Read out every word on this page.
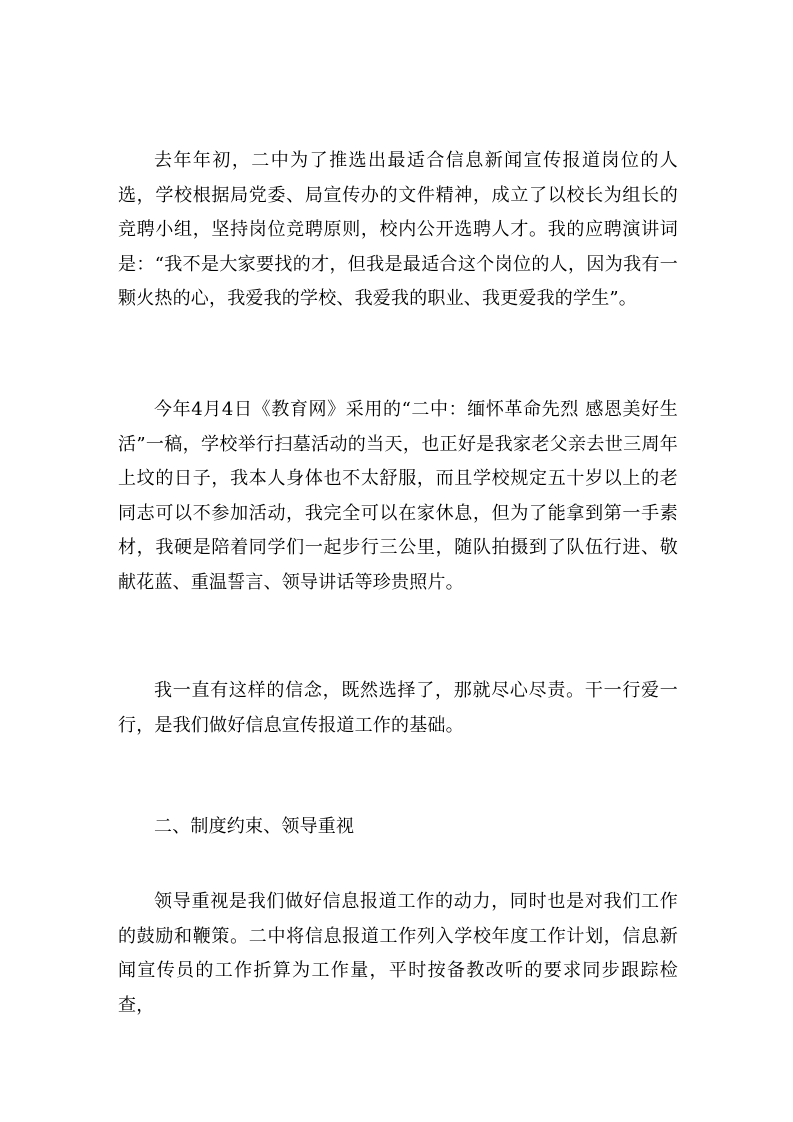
去年年初，二中为了推选出最适合信息新闻宣传报道岗位的人选，学校根据局党委、局宣传办的文件精神，成立了以校长为组长的竞聘小组，坚持岗位竞聘原则，校内公开选聘人才。我的应聘演讲词是：“我不是大家要找的才，但我是最适合这个岗位的人，因为我有一颗火热的心，我爱我的学校、我爱我的职业、我更爱我的学生”。

今年4月4日《教育网》采用的“二中：缅怀革命先烈 感恩美好生活”一稿，学校举行扫墓活动的当天，也正好是我家老父亲去世三周年上坟的日子，我本人身体也不太舒服，而且学校规定五十岁以上的老同志可以不参加活动，我完全可以在家休息，但为了能拿到第一手素材，我硬是陪着同学们一起步行三公里，随队拍摄到了队伍行进、敬献花蓝、重温誓言、领导讲话等珍贵照片。

我一直有这样的信念，既然选择了，那就尽心尽责。干一行爱一行，是我们做好信息宣传报道工作的基础。

二、制度约束、领导重视

领导重视是我们做好信息报道工作的动力，同时也是对我们工作的鼓励和鞭策。二中将信息报道工作列入学校年度工作计划，信息新闻宣传员的工作折算为工作量，平时按备教改听的要求同步跟踪检查，
